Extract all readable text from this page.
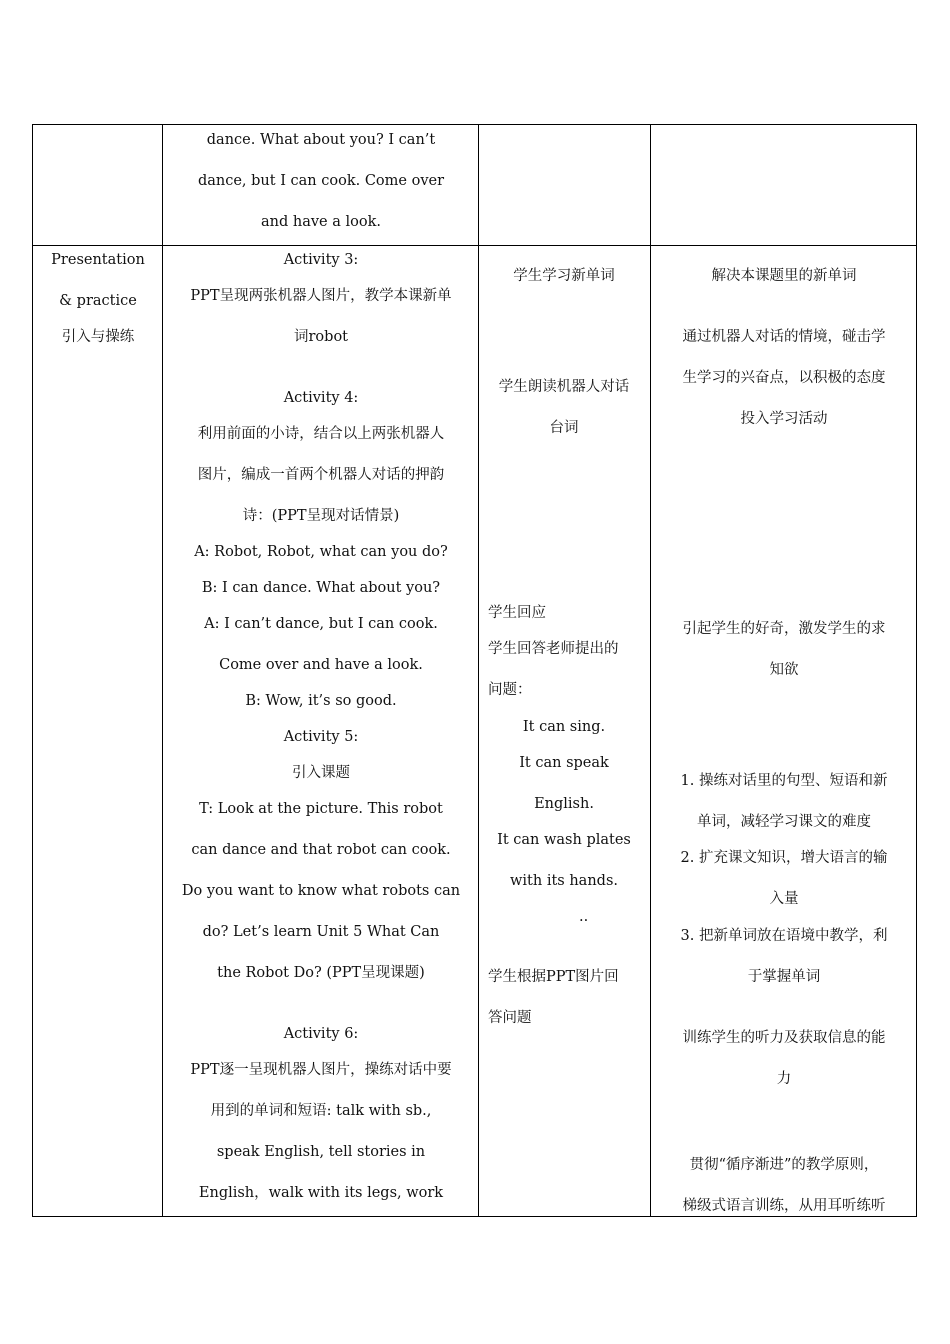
dance. What about you? I can’t
dance, but I can cook. Come over
and have a look.
Presentation
& practice
引入与操练
Activity 3:
PPT呈现两张机器人图片，教学本课新单
词robot
Activity 4:
利用前面的小诗，结合以上两张机器人
图片，编成一首两个机器人对话的押韵
诗：(PPT呈现对话情景)
A: Robot, Robot, what can you do?
B: I can dance. What about you?
A: I can’t dance, but I can cook.
Come over and have a look.
B: Wow, it’s so good.
Activity 5:
引入课题
T: Look at the picture. This robot
can dance and that robot can cook.
Do you want to know what robots can
do? Let’s learn Unit 5 What Can
the Robot Do? (PPT呈现课题)
Activity 6:
PPT逐一呈现机器人图片，操练对话中要
用到的单词和短语: talk with sb.,
speak English, tell stories in
English，walk with its legs, work
学生学习新单词
学生朗读机器人对话
台词
学生回应
学生回答老师提出的
问题：
It can sing.
It can speak
English.
It can wash plates
with its hands.
..
学生根据PPT图片回
答问题
解决本课题里的新单词
通过机器人对话的情境，碰击学
生学习的兴奋点，以积极的态度
投入学习活动
引起学生的好奇，激发学生的求
知欲
1. 操练对话里的句型、短语和新
单词，减轻学习课文的难度
2. 扩充课文知识，增大语言的输
入量
3. 把新单词放在语境中教学，利
于掌握单词
训练学生的听力及获取信息的能
力
贯彻“循序渐进”的教学原则，
梯级式语言训练，从用耳听练听
